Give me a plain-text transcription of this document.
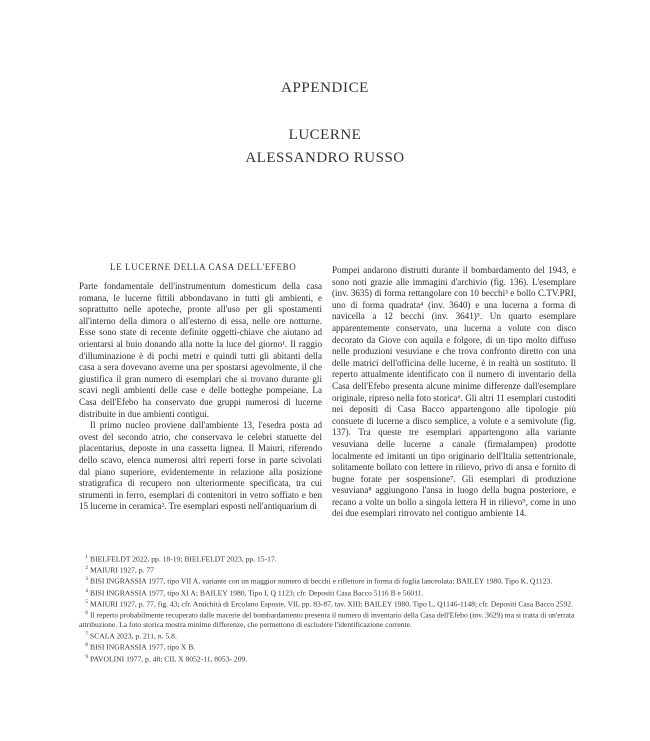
APPENDICE
LUCERNE
ALESSANDRO RUSSO
LE LUCERNE DELLA CASA DELL'EFEBO

Parte fondamentale dell'instrumentum domesticum della casa romana, le lucerne fittili abbondavano in tutti gli ambienti, e soprattutto nelle apoteche, pronte all'uso per gli spostamenti all'interno della dimora o all'esterno di essa, nelle ore notturne. Esse sono state di recente definite oggetti-chiave che aiutano ad orientarsi al buio donando alla notte la luce del giorno¹. Il raggio d'illuminazione è di pochi metri e quindi tutti gli abitanti della casa a sera dovevano averne una per spostarsi agevolmente, il che giustifica il gran numero di esemplari che si trovano durante gli scavi negli ambienti delle case e delle botteghe pompeiane. La Casa dell'Efebo ha conservato due gruppi numerosi di lucerne distribuite in due ambienti contigui.

Il primo nucleo proviene dall'ambiente 13, l'esedra posta ad ovest del secondo atrio, che conservava le celebri statuette del placentarius, deposte in una cassetta lignea. Il Maiuri, riferendo dello scavo, elenca numerosi altri reperti forse in parte scivolati dal piano superiore, evidentemente in relazione alla posizione stratigrafica di recupero non ulteriormente specificata, tra cui strumenti in ferro, esemplari di contenitori in vetro soffiato e ben 15 lucerne in ceramica². Tre esemplari esposti nell'antiquarium di

Pompei andarono distrutti durante il bombardamento del 1943, e sono noti grazie alle immagini d'archivio (fig. 136). L'esemplare (inv. 3635) di forma rettangolare con 10 becchi³ e bollo C.TV.PRI, uno di forma quadrata⁴ (inv. 3640) e una lucerna a forma di navicella a 12 becchi (inv. 3641)⁵. Un quarto esemplare apparentemente conservato, una lucerna a volute con disco decorato da Giove con aquila e folgore, di un tipo molto diffuso nelle produzioni vesuviane e che trova confronto diretto con una delle matrici dell'officina delle lucerne, è in realtà un sostituto. Il reperto attualmente identificato con il numero di inventario della Casa dell'Efebo presenta alcune minime differenze dall'esemplare originale, ripreso nella foto storica⁶. Gli altri 11 esemplari custoditi nei depositi di Casa Bacco appartengono alle tipologie più consuete di lucerne a disco semplice, a volute e a semivolute (fig. 137). Tra queste tre esemplari appartengono alla variante vesuviana delle lucerne a canale (firmalampen) prodotte localmente ed imitanti un tipo originario dell'Italia settentrionale, solitamente bollato con lettere in rilievo, privo di ansa e fornito di bugne forate per sospensione⁷. Gli esemplari di produzione vesuviana⁸ aggiungono l'ansa in luogo della bugna posteriore, e recano a volte un bollo a singola lettera H in rilievo⁹, come in uno dei due esemplari ritrovato nel contiguo ambiente 14.

1 BIELFELDT 2022, pp. 18-19; BIELFELDT 2023, pp. 15-17.
2 MAIURI 1927, p. 77
3 BISI INGRASSIA 1977, tipo VII A, variante con un maggior numero di becchi e riflettore in forma di foglia lanceolata; BAILEY 1980, Tipo K, Q1123.
4 BISI INGRASSIA 1977, tipo XI A; BAILEY 1980, Tipo I, Q 1123; cfr. Depositi Casa Bacco 5116 B e 56011.
5 MAIURI 1927, p. 77, fig. 43; cfr. Antichità di Ercolano Esposte, VII, pp. 83-87, tav. XIII; BAILEY 1980, Tipo L, Q1146-1148; cfr. Depositi Casa Bacco 2592.
6 Il reperto probabilmente recuperato dalle macerie del bombardamento presenta il numero di inventario della Casa dell'Efebo (inv. 3629) ma si tratta di un'errata attribuzione. La foto storica mostra minime differenze, che permettono di escludere l'identificazione corrente.
7 SCALA 2023, p. 211, n. 5.8.
8 BISI INGRASSIA 1977, tipo X B.
9 PAVOLINI 1977, p. 48; CIL X 8052-11, 8053- 209.
